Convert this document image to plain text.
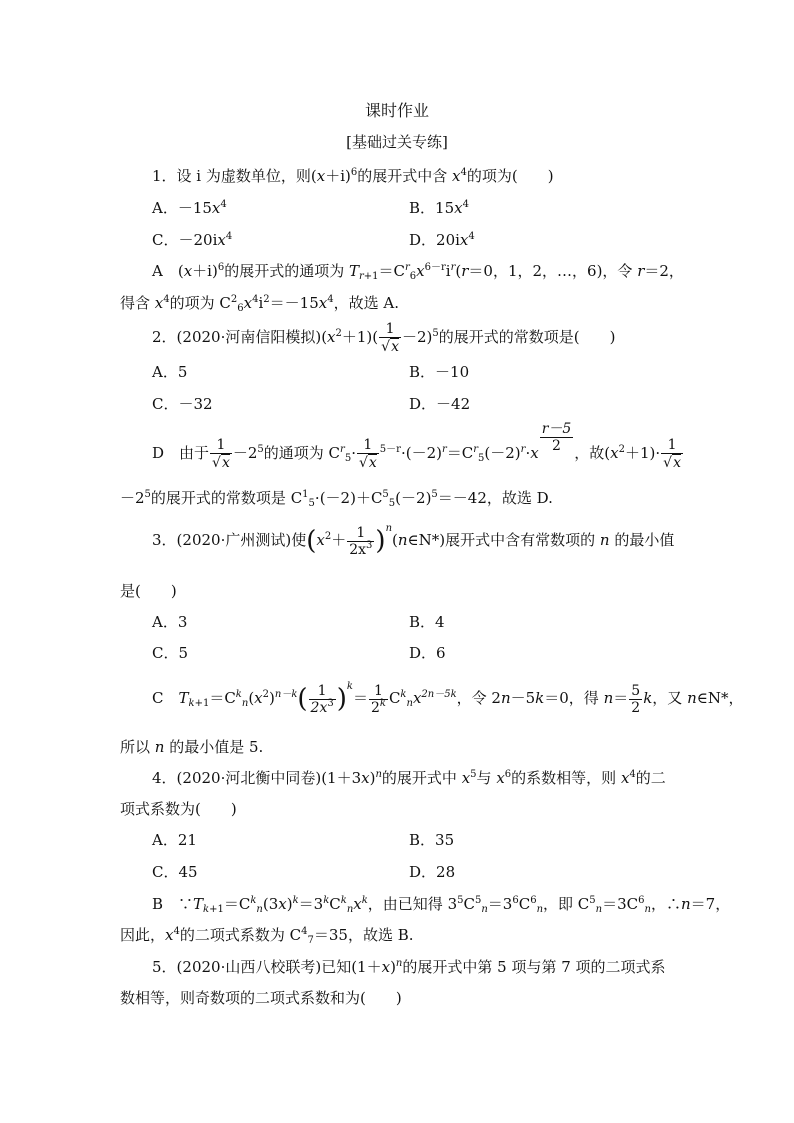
课时作业
[基础过关专练]
1．设 i 为虚数单位，则$(x+i)^6$的展开式中含 $x^4$的项为(　　)
A．$-15x^4$	B．$15x^4$
C．$-20ix^4$	D．$20ix^4$
A　$(x+i)^6$的展开式的通项为 $T_{r+1}=C^r_6x^{6-r}i^r(r=0$，1，2，…，6)，令 r＝2，
得含 $x^4$的项为 $C^2_6x^4i^2=-15x^4$，故选 A.
2．(2020·河南信阳模拟)$(x^2+1)( \frac{1}{√x} -2)^5$的展开式的常数项是(　　)
A．5	B．－10
C．－32	D．－42
D　由于 $\frac{1}{√x} -2^5$的通项为 $C^r_5\cdot \frac{1}{√x} ^{5-r}\cdot(-2)^r=C^r_5(-2)^r\cdot x \frac{r-5}{2}$ ，故$(x^2+1)\cdot \frac{1}{√x}$
$-2^5$的展开式的常数项是 $C^1_5\cdot(-2)+C^5_5(-2)^5=-42$，故选 D.
3．(2020·广州测试)使($x^2+ \frac{1}{2x^3}$ )$^n(n\in N*)$展开式中含有常数项的 n 的最小值
是(　　)
A．3	B．4
C．5	D．6
C　$T_{k+1}=C^k_n(x^2)^{n-k}( \frac{1}{2x^3} )^k= \frac{1}{2^k} C^k_nx^{2n-5k}$，令 2n－5k＝0，得 $n= \frac{5}{2}$ k，又 n∈N*，
所以 n 的最小值是 5.
4．(2020·河北衡中同卷)$(1+3x)^n$的展开式中 $x^5$与 $x^6$的系数相等，则 $x^4$的二
项式系数为(　　)
A．21	B．35
C．45	D．28
B　$\because T_{k+1}=C^k_n(3x)^k=3^kC^k_nx^k$，由已知得 $3^5C^5_n=3^6C^6_n$，即 $C^5_n=3C^6_n$，∴n＝7，
因此，$x^4$的二项式系数为 $C^4_7=35$，故选 B.
5．(2020·山西八校联考)已知$(1+x)^n$的展开式中第 5 项与第 7 项的二项式系
数相等，则奇数项的二项式系数和为(　　)
